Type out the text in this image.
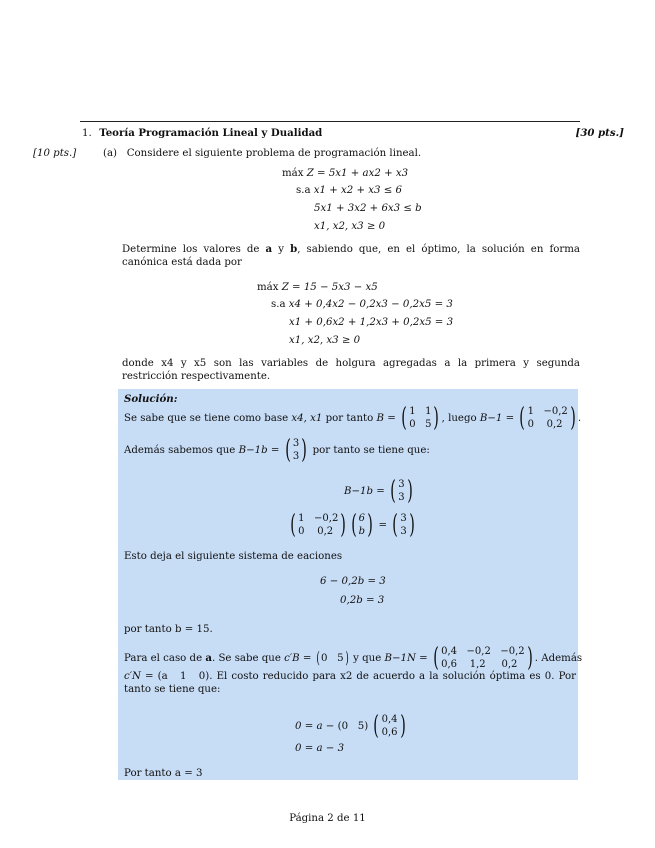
1. Teoría Programación Lineal y Dualidad	[30 pts.]
[10 pts.]	(a) Considere el siguiente problema de programación lineal.
máx Z = 5x1 + ax2 + x3
s.a x1 + x2 + x3 ≤ 6
5x1 + 3x2 + 6x3 ≤ b
x1, x2, x3 ≥ 0
Determine los valores de a y b, sabiendo que, en el óptimo, la solución en forma canónica está dada por
máx Z = 15 − 5x3 − x5
s.a x4 + 0,4x2 − 0,2x3 − 0,2x5 = 3
x1 + 0,6x2 + 1,2x3 + 0,2x5 = 3
x1, x2, x3 ≥ 0
donde x4 y x5 son las variables de holgura agregadas a la primera y segunda restricción respectivamente.
Solución:
Se sabe que se tiene como base x4, x1 por tanto B = ( 1   1
0   5 ) , luego B−1 = ( 1   −0,2
0    0,2 ) .
Además sabemos que B−1b = ( 3
3 ) por tanto se tiene que:
B−1b = ( 3
3 )
( 1   −0,2
0    0,2 ) ( 6
b ) = ( 3
3 )
Esto deja el siguiente sistema de eaciones
6 − 0,2b = 3
0,2b = 3
por tanto b = 15.
Para el caso de a. Se sabe que c′B = (0   5) y que B−1N = ( 0,4   −0,2   −0,2
0,6    1,2     0,2 ) . Además
c′N = (a   1   0). El costo reducido para x2 de acuerdo a la solución óptima es 0. Por tanto se tiene que:
0 = a − (0   5) ( 0,4
0,6 )
0 = a − 3
Por tanto a = 3
Página 2 de 11
